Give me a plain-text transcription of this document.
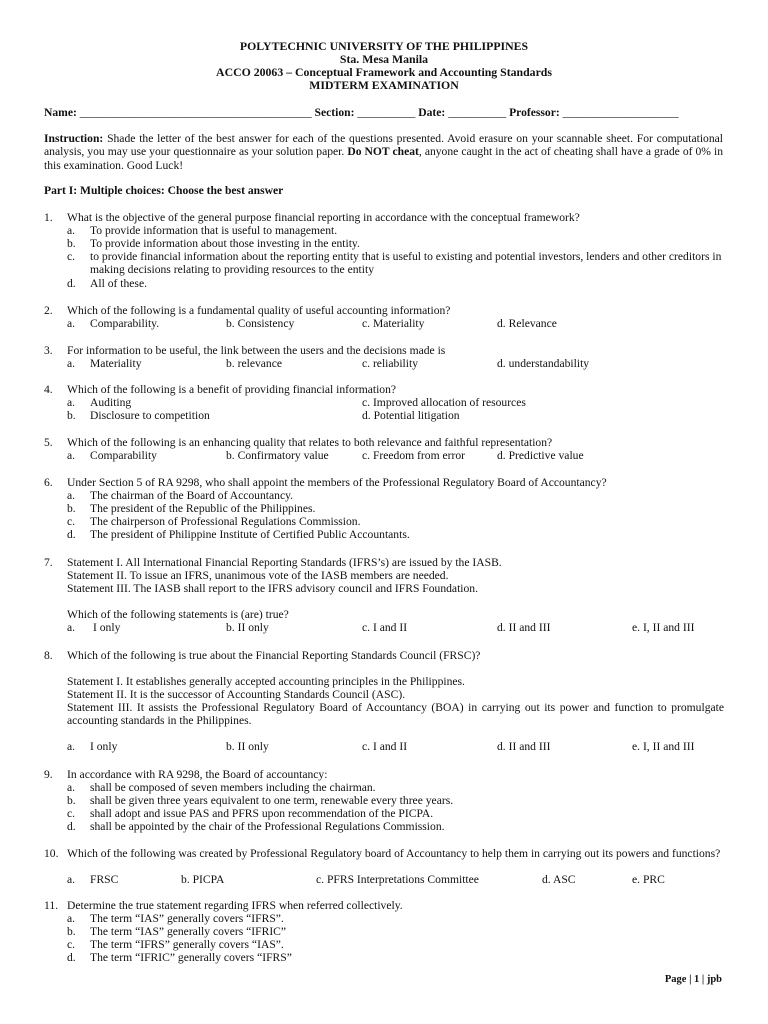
POLYTECHNIC UNIVERSITY OF THE PHILIPPINES
Sta. Mesa Manila
ACCO 20063 – Conceptual Framework and Accounting Standards
MIDTERM EXAMINATION
Name: ________________________________________ Section: __________ Date: __________ Professor: ____________________
Instruction: Shade the letter of the best answer for each of the questions presented. Avoid erasure on your scannable sheet. For computational analysis, you may use your questionnaire as your solution paper. Do NOT cheat, anyone caught in the act of cheating shall have a grade of 0% in this examination. Good Luck!
Part I: Multiple choices: Choose the best answer
1. What is the objective of the general purpose financial reporting in accordance with the conceptual framework?
a. To provide information that is useful to management.
b. To provide information about those investing in the entity.
c. to provide financial information about the reporting entity that is useful to existing and potential investors, lenders and other creditors in making decisions relating to providing resources to the entity
d. All of these.
2. Which of the following is a fundamental quality of useful accounting information?
a. Comparability.	b. Consistency	c. Materiality	d. Relevance
3. For information to be useful, the link between the users and the decisions made is
a. Materiality	b. relevance	c. reliability	d. understandability
4. Which of the following is a benefit of providing financial information?
a. Auditing	c. Improved allocation of resources
b. Disclosure to competition	d. Potential litigation
5. Which of the following is an enhancing quality that relates to both relevance and faithful representation?
a. Comparability	b. Confirmatory value	c. Freedom from error	d. Predictive value
6. Under Section 5 of RA 9298, who shall appoint the members of the Professional Regulatory Board of Accountancy?
a. The chairman of the Board of Accountancy.
b. The president of the Republic of the Philippines.
c. The chairperson of Professional Regulations Commission.
d. The president of Philippine Institute of Certified Public Accountants.
7. Statement I. All International Financial Reporting Standards (IFRS’s) are issued by the IASB.
Statement II. To issue an IFRS, unanimous vote of the IASB members are needed.
Statement III. The IASB shall report to the IFRS advisory council and IFRS Foundation.
Which of the following statements is (are) true?
a. I only	b. II only	c. I and II	d. II and III	e. I, II and III
8. Which of the following is true about the Financial Reporting Standards Council (FRSC)?
Statement I. It establishes generally accepted accounting principles in the Philippines.
Statement II. It is the successor of Accounting Standards Council (ASC).
Statement III. It assists the Professional Regulatory Board of Accountancy (BOA) in carrying out its power and function to promulgate accounting standards in the Philippines.
a. I only	b. II only	c. I and II	d. II and III	e. I, II and III
9. In accordance with RA 9298, the Board of accountancy:
a. shall be composed of seven members including the chairman.
b. shall be given three years equivalent to one term, renewable every three years.
c. shall adopt and issue PAS and PFRS upon recommendation of the PICPA.
d. shall be appointed by the chair of the Professional Regulations Commission.
10. Which of the following was created by Professional Regulatory board of Accountancy to help them in carrying out its powers and functions?
a. FRSC	b. PICPA	c. PFRS Interpretations Committee	d. ASC	e. PRC
11. Determine the true statement regarding IFRS when referred collectively.
a. The term “IAS” generally covers “IFRS”.
b. The term “IAS” generally covers “IFRIC”
c. The term “IFRS” generally covers “IAS”.
d. The term “IFRIC” generally covers “IFRS”
Page | 1 | jpb
